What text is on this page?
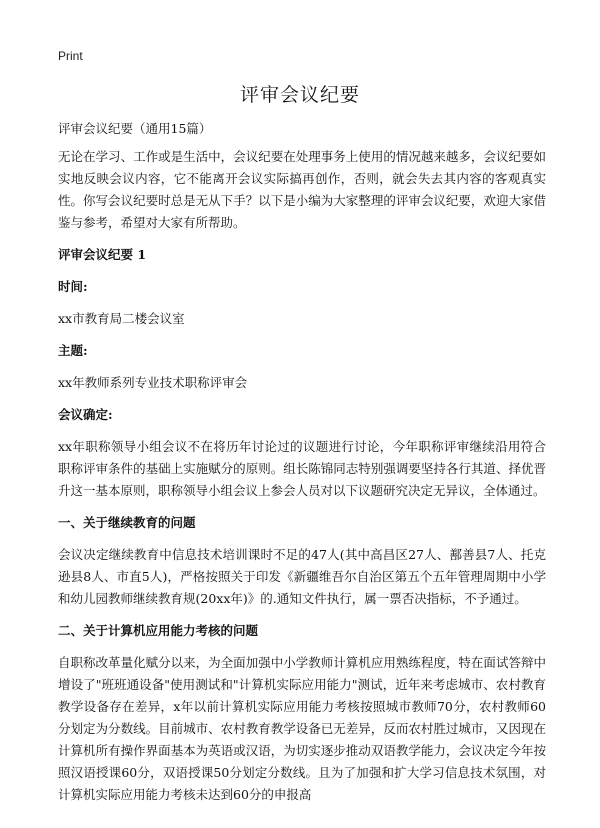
Print
评审会议纪要

评审会议纪要（通用15篇）

无论在学习、工作或是生活中，会议纪要在处理事务上使用的情况越来越多，会议纪要如实地反映会议内容，它不能离开会议实际搞再创作，否则，就会失去其内容的客观真实性。你写会议纪要时总是无从下手？以下是小编为大家整理的评审会议纪要，欢迎大家借鉴与参考，希望对大家有所帮助。

评审会议纪要 1

时间:

xx市教育局二楼会议室

主题:

xx年教师系列专业技术职称评审会

会议确定:

xx年职称领导小组会议不在将历年讨论过的议题进行讨论，今年职称评审继续沿用符合职称评审条件的基础上实施赋分的原则。组长陈锦同志特别强调要坚持各行其道、择优晋升这一基本原则，职称领导小组会议上参会人员对以下议题研究决定无异议，全体通过。

一、关于继续教育的问题

会议决定继续教育中信息技术培训课时不足的47人(其中高昌区27人、鄯善县7人、托克逊县8人、市直5人)，严格按照关于印发《新疆维吾尔自治区第五个五年管理周期中小学和幼儿园教师继续教育规(20xx年)》的.通知文件执行，属一票否决指标，不予通过。

二、关于计算机应用能力考核的问题

自职称改革量化赋分以来，为全面加强中小学教师计算机应用熟练程度，特在面试答辩中增设了"班班通设备"使用测试和"计算机实际应用能力"测试，近年来考虑城市、农村教育教学设备存在差异，x年以前计算机实际应用能力考核按照城市教师70分，农村教师60分划定为分数线。目前城市、农村教育教学设备已无差异，反而农村胜过城市，又因现在计算机所有操作界面基本为英语或汉语，为切实逐步推动双语教学能力，会议决定今年按照汉语授课60分，双语授课50分划定分数线。且为了加强和扩大学习信息技术氛围，对计算机实际应用能力考核未达到60分的申报高
